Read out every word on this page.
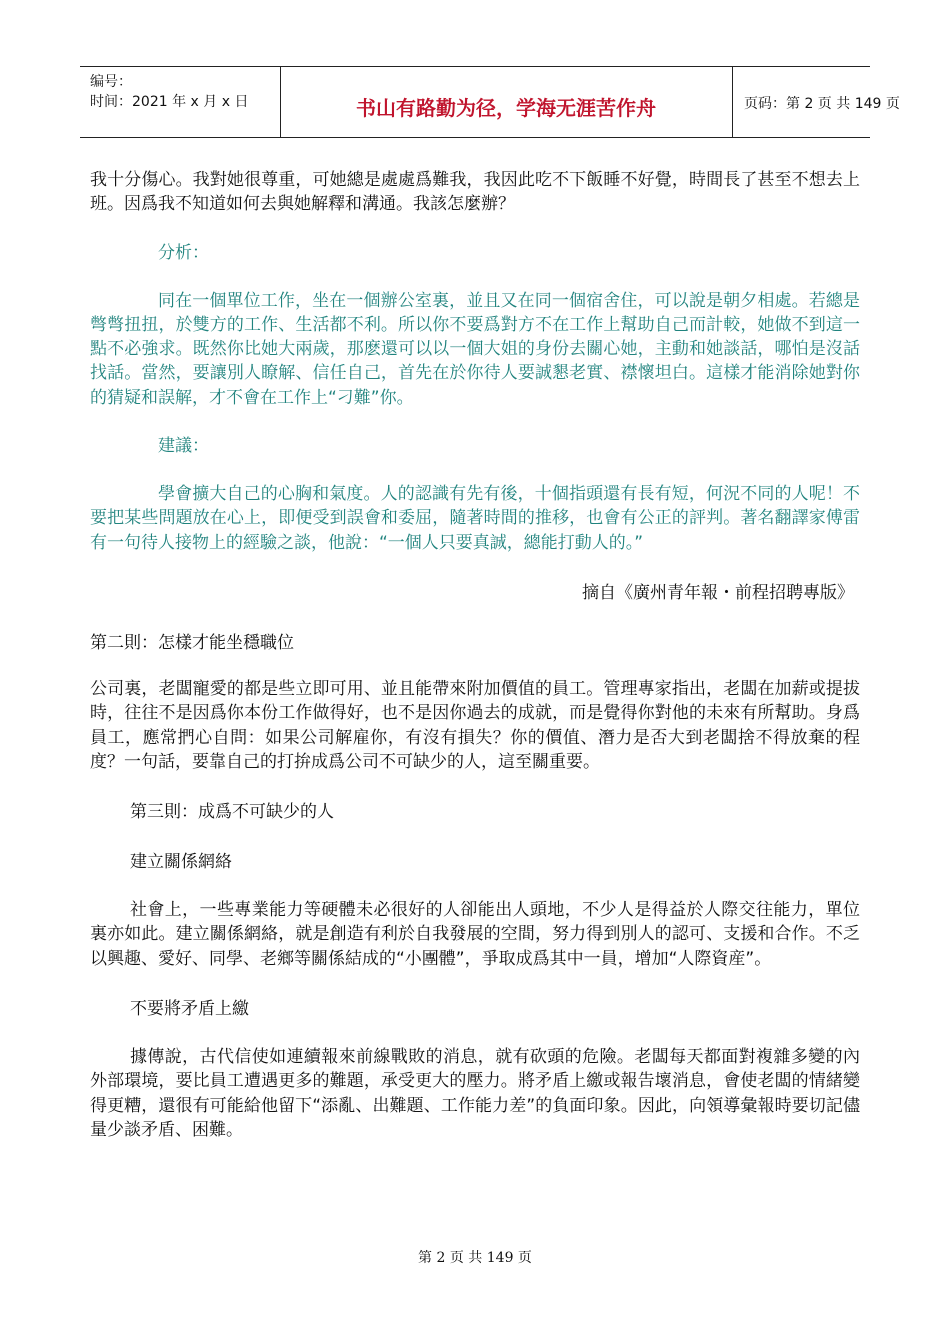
编号：
时间：2021 年 x 月 x 日	书山有路勤为径，学海无涯苦作舟	页码：第 2 页 共 149 页
我十分傷心。我對她很尊重，可她總是處處爲難我，我因此吃不下飯睡不好覺，時間長了甚至不想去上班。因爲我不知道如何去與她解釋和溝通。我該怎麼辦？
分析：
同在一個單位工作，坐在一個辦公室裏，並且又在同一個宿舍住，可以說是朝夕相處。若總是彆彆扭扭，於雙方的工作、生活都不利。所以你不要爲對方不在工作上幫助自己而計較，她做不到這一點不必強求。既然你比她大兩歲，那麽還可以以一個大姐的身份去關心她，主動和她談話，哪怕是沒話找話。當然，要讓別人瞭解、信任自己，首先在於你待人要誠懇老實、襟懷坦白。這樣才能消除她對你的猜疑和誤解，才不會在工作上“刁難”你。
建議：
學會擴大自己的心胸和氣度。人的認識有先有後，十個指頭還有長有短，何況不同的人呢！不要把某些問題放在心上，即便受到誤會和委屈，隨著時間的推移，也會有公正的評判。著名翻譯家傅雷有一句待人接物上的經驗之談，他說：“一個人只要真誠，總能打動人的。”
摘自《廣州青年報・前程招聘專版》
第二則：怎樣才能坐穩職位
公司裏，老闆寵愛的都是些立即可用、並且能帶來附加價值的員工。管理專家指出，老闆在加薪或提拔時，往往不是因爲你本份工作做得好，也不是因你過去的成就，而是覺得你對他的未來有所幫助。身爲員工，應常捫心自問：如果公司解雇你，有沒有損失？你的價值、潛力是否大到老闆捨不得放棄的程度？一句話，要靠自己的打拚成爲公司不可缺少的人，這至關重要。
第三則：成爲不可缺少的人
建立關係網絡
社會上，一些專業能力等硬體未必很好的人卻能出人頭地，不少人是得益於人際交往能力，單位裏亦如此。建立關係網絡，就是創造有利於自我發展的空間，努力得到別人的認可、支援和合作。不乏以興趣、愛好、同學、老鄉等關係結成的“小團體”，爭取成爲其中一員，增加“人際資産”。
不要將矛盾上繳
據傳說，古代信使如連續報來前線戰敗的消息，就有砍頭的危險。老闆每天都面對複雜多變的內外部環境，要比員工遭遇更多的難題，承受更大的壓力。將矛盾上繳或報告壞消息，會使老闆的情緒變得更糟，還很有可能給他留下“添亂、出難題、工作能力差”的負面印象。因此，向領導彙報時要切記儘量少談矛盾、困難。
第 2 页 共 149 页
